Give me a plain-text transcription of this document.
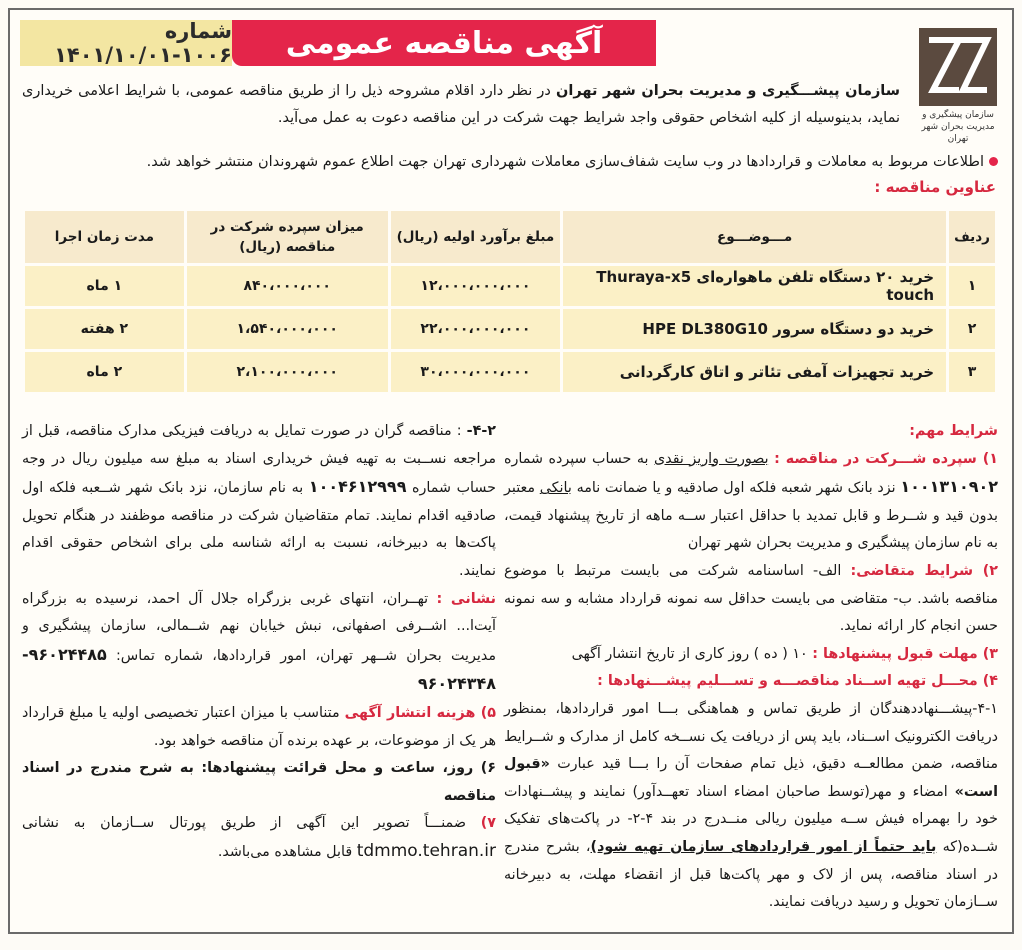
شماره ۱۰۰۶-۱۴۰۱/۱۰/۰۱	آگهی مناقصه عمومی
سازمان پیشگیری و مدیریت بحران شهر تهران
سازمان پیشـــگیری و مدیریت بحران شهر تهران در نظر دارد اقلام مشروحه ذیل را از طریق مناقصه عمومی، با شرایط اعلامی خریداری نماید، بدینوسیله از کلیه اشخاص حقوقی واجد شرایط جهت شرکت در این مناقصه دعوت به عمل می‌آید.
اطلاعات مربوط به معاملات و قراردادها در وب سایت شفاف‌سازی معاملات شهرداری تهران جهت اطلاع عموم شهروندان منتشر خواهد شد.
عناوین مناقصه :
ردیف	مـــوضـــوع	مبلغ برآورد اولیه (ریال)	میزان سپرده شرکت در مناقصه (ریال)	مدت زمان اجرا
۱	خرید ۲۰ دستگاه تلفن ماهواره‌ای Thuraya-x5 touch	۱۲،۰۰۰،۰۰۰،۰۰۰	۸۴۰،۰۰۰،۰۰۰	۱ ماه
۲	خرید دو دستگاه سرور HPE DL380G10	۲۲،۰۰۰،۰۰۰،۰۰۰	۱،۵۴۰،۰۰۰،۰۰۰	۲ هفته
۳	خرید تجهیزات آمفی تئاتر و اتاق کارگردانی	۳۰،۰۰۰،۰۰۰،۰۰۰	۲،۱۰۰،۰۰۰،۰۰۰	۲ ماه
شرایط مهم:
۱) سپرده شـــرکت در مناقصه : بصورت واریز نقدی به حساب سپرده شماره ۱۰۰۱۳۱۰۹۰۲ نزد بانک شهر شعبه فلکه اول صادقیه و یا ضمانت نامه بانکی معتبر بدون قید و شــرط و قابل تمدید با حداقل اعتبار ســه ماهه از تاریخ پیشنهاد قیمت، به نام سازمان پیشگیری و مدیریت بحران شهر تهران
۲) شرایط متقاضی: الف- اساسنامه شرکت می بایست مرتبط با موضوع مناقصه باشد. ب- متقاضی می بایست حداقل سه نمونه قرارداد مشابه و سه نمونه حسن انجام کار ارائه نماید.
۳) مهلت قبول پیشنهادها : ۱۰ ( ده ) روز کاری از تاریخ انتشار آگهی
۴) محـــل تهیه اســناد مناقصـــه و تســـلیم پیشـــنهادها :
۴-۱-پیشـــنهاددهندگان از طریق تماس و هماهنگی بـــا امور قراردادها، بمنظور دریافت الکترونیک اســناد، باید پس از دریافت یک نســخه کامل از مدارک و شــرایط مناقصه، ضمن مطالعــه دقیق، ذیل تمام صفحات آن را بـــا قید عبارت «قبول است» امضاء و مهر(توسط صاحبان امضاء اسناد تعهــدآور) نمایند و پیشــنهادات خود را بهمراه فیش ســه میلیون ریالی منــدرج در بند ۴-۲- در پاکت‌های تفکیک شــده(که باید حتماً از امور قراردادهای سازمان تهیه شود)، بشرح مندرج در اسناد مناقصه، پس از لاک و مهر پاکت‌ها قبل از انقضاء مهلت، به دبیرخانه ســازمان تحویل و رسید دریافت نمایند.
۴-۲- : مناقصه گران در صورت تمایل به دریافت فیزیکی مدارک مناقصه، قبل از مراجعه نســبت به تهیه فیش خریداری اسناد به مبلغ سه میلیون ریال در وجه حساب شماره ۱۰۰۴۶۱۲۹۹۹ به نام سازمان، نزد بانک شهر شــعبه فلکه اول صادقیه اقدام نمایند. تمام متقاضیان شرکت در مناقصه موظفند در هنگام تحویل پاکت‌ها به دبیرخانه، نسبت به ارائه شناسه ملی برای اشخاص حقوقی اقدام نمایند.
نشانی : تهــران، انتهای غربی بزرگراه جلال آل احمد، نرسیده به بزرگراه آیت‌ا... اشــرفی اصفهانی، نبش خیابان نهم شــمالی، سازمان پیشگیری و مدیریت بحران شــهر تهران، امور قراردادها، شماره تماس: ۹۶۰۲۴۴۸۵- ۹۶۰۲۴۳۴۸
۵) هزینه انتشار آگهی متناسب با میزان اعتبار تخصیصی اولیه یا مبلغ قرارداد هر یک از موضوعات، بر عهده برنده آن مناقصه خواهد بود.
۶) روز، ساعت و محل قرائت پیشنهادها: به شرح مندرج در اسناد مناقصه
۷) ضمنـــاً تصویر این آگهی از طریق پورتال ســازمان به نشانی tdmmo.tehran.ir قابل مشاهده می‌باشد.
